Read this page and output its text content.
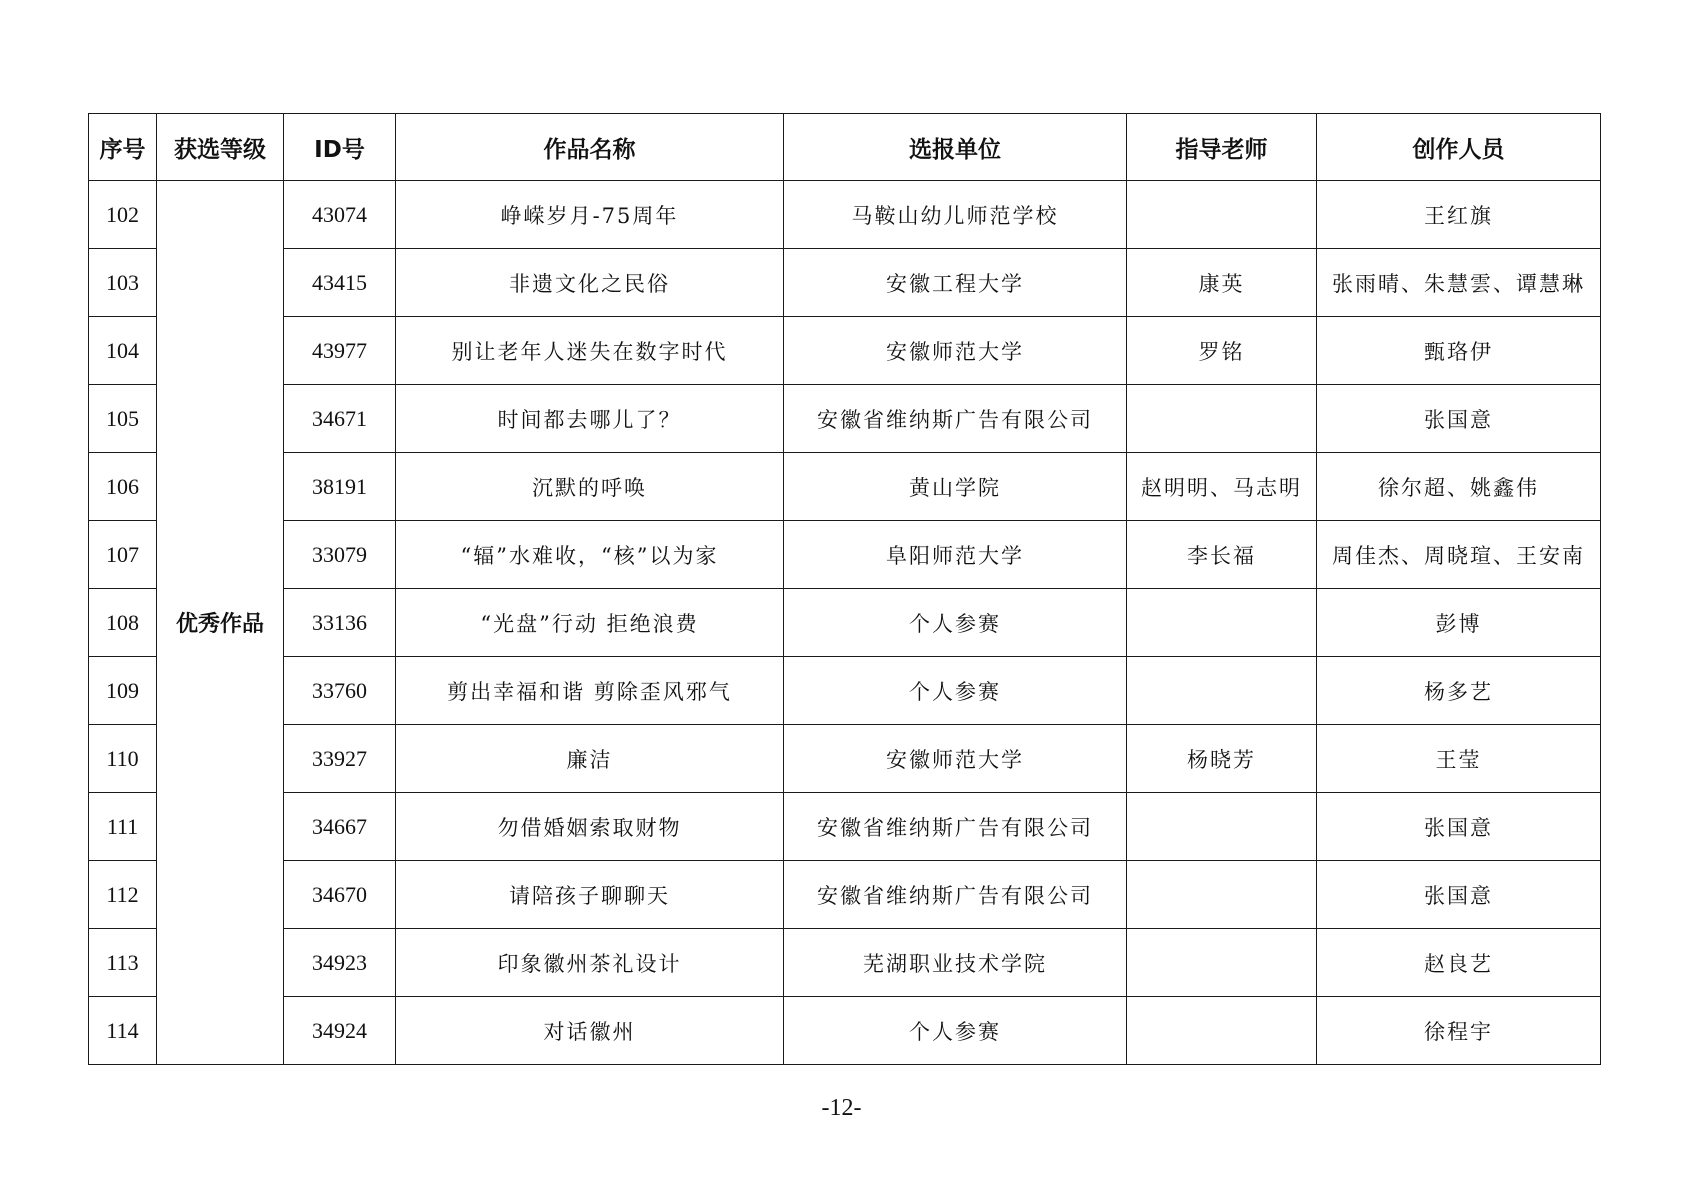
序号	获选等级	ID号	作品名称	选报单位	指导老师	创作人员
102	优秀作品	43074	峥嵘岁月-75周年	马鞍山幼儿师范学校		王红旗
103		43415	非遗文化之民俗	安徽工程大学	康英	张雨晴、朱慧雲、谭慧琳
104		43977	别让老年人迷失在数字时代	安徽师范大学	罗铭	甄珞伊
105		34671	时间都去哪儿了？	安徽省维纳斯广告有限公司		张国意
106		38191	沉默的呼唤	黄山学院	赵明明、马志明	徐尔超、姚鑫伟
107		33079	“辐”水难收，“核”以为家	阜阳师范大学	李长福	周佳杰、周晓瑄、王安南
108		33136	“光盘”行动 拒绝浪费	个人参赛		彭博
109		33760	剪出幸福和谐 剪除歪风邪气	个人参赛		杨多艺
110		33927	廉洁	安徽师范大学	杨晓芳	王莹
111		34667	勿借婚姻索取财物	安徽省维纳斯广告有限公司		张国意
112		34670	请陪孩子聊聊天	安徽省维纳斯广告有限公司		张国意
113		34923	印象徽州茶礼设计	芜湖职业技术学院		赵良艺
114		34924	对话徽州	个人参赛		徐程宇
-12-
